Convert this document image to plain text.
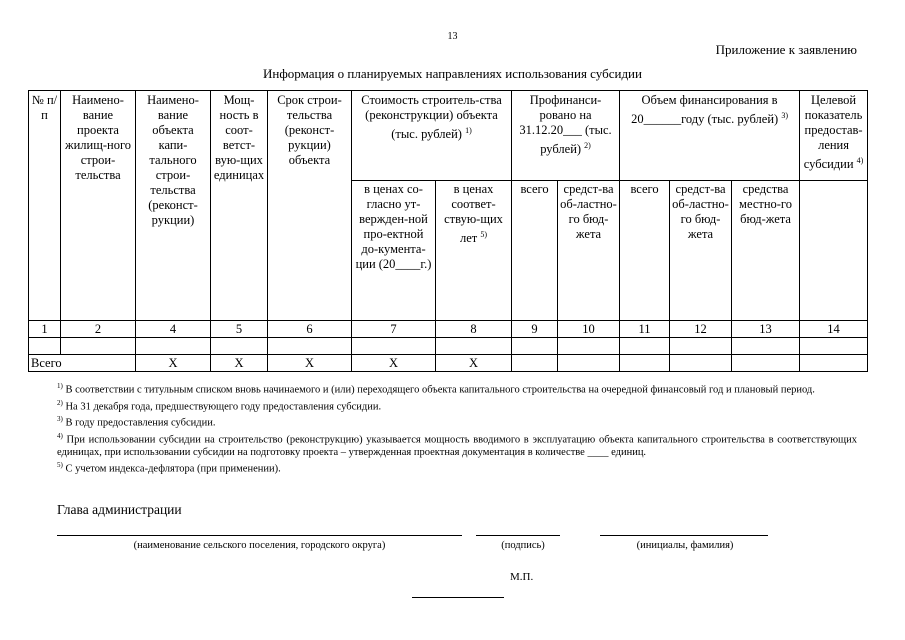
13
Приложение к заявлению
Информация о планируемых направлениях использования субсидии
№ п/п	Наимено-вание проекта жилищ-ного строи-тельства	Наимено-вание объекта капи-тального строи-тельства (реконст-рукции)	Мощ-ность в соот-ветст-вую-щих единицах	Срок строи-тельства (реконст-рукции) объекта	Стоимость строитель-ства (реконструкции) объекта (тыс. рублей) $^{1)}$		Профинанси-ровано на 31.12.20___ (тыс. рублей) $^{2)}$		Объем финансирования в 20______году (тыс. рублей) $^{3)}$			Целевой показатель предостав-ления субсидии $^{4)}$
					в ценах со-гласно ут-вержден-ной про-ектной до-кумента-ции (20____г.)	в ценах соответ-ствую-щих лет $^{5)}$	всего	средст-ва об-ластно-го бюд-жета	всего	средст-ва об-ластно-го бюд-жета	средства местно-го бюд-жета	
1	2	4	5	6	7	8	9	10	11	12	13	14

Всего		X	X	X	X	X						

$^{1)}$ В соответствии с титульным списком вновь начинаемого и (или) переходящего объекта капитального строительства на очередной финансовый год и плановый период.

$^{2)}$ На 31 декабря года, предшествующего году предоставления субсидии.

$^{3)}$ В году предоставления субсидии.

$^{4)}$ При использовании субсидии на строительство (реконструкцию) указывается мощность вводимого в эксплуатацию объекта капитального строительства в соответствующих единицах, при использовании субсидии на подготовку проекта – утвержденная проектная документация в количестве ____ единиц.

$^{5)}$ С учетом индекса-дефлятора (при применении).

Глава администрации
(наименование сельского поселения, городского округа)	(подпись)	(инициалы, фамилия)
М.П.
